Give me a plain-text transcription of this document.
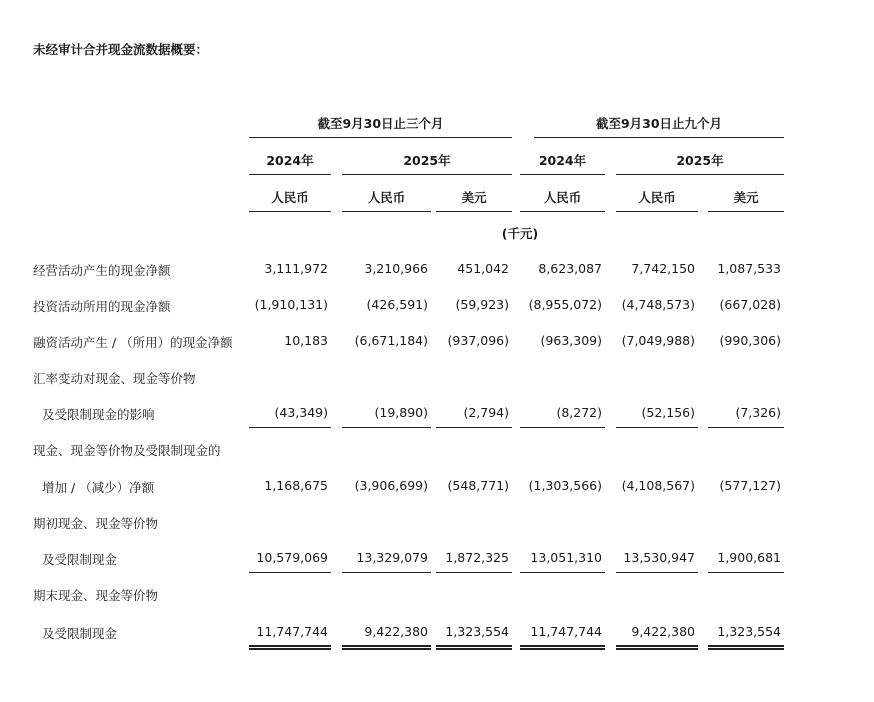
未经审计合并现金流数据概要：
截至9月30日止三个月	截至9月30日止九个月
2024年	2025年	2024年	2025年
人民币	人民币	美元	人民币	人民币	美元
(千元)
经营活动产生的现金净额	3,111,972	3,210,966	451,042	8,623,087	7,742,150	1,087,533
投资活动所用的现金净额	(1,910,131)	(426,591)	(59,923)	(8,955,072)	(4,748,573)	(667,028)
融资活动产生 / （所用）的现金净额	10,183	(6,671,184)	(937,096)	(963,309)	(7,049,988)	(990,306)
汇率变动对现金、现金等价物
及受限制现金的影响	(43,349)	(19,890)	(2,794)	(8,272)	(52,156)	(7,326)
现金、现金等价物及受限制现金的
增加 / （减少）净额	1,168,675	(3,906,699)	(548,771)	(1,303,566)	(4,108,567)	(577,127)
期初现金、现金等价物
及受限制现金	10,579,069	13,329,079	1,872,325	13,051,310	13,530,947	1,900,681
期末现金、现金等价物
及受限制现金	11,747,744	9,422,380	1,323,554	11,747,744	9,422,380	1,323,554
